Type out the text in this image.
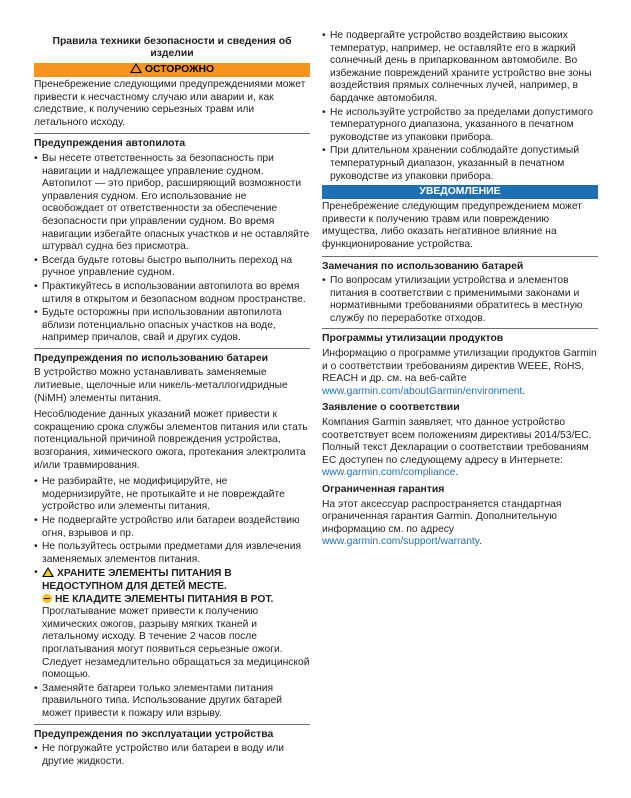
Правила техники безопасности и сведения об изделии
ОСТОРОЖНО

Пренебрежение следующими предупреждениями может привести к несчастному случаю или аварии и, как следствие, к получению серьезных травм или летального исходу.

Предупреждения автопилота
• Вы несете ответственность за безопасность при навигации и надлежащее управление судном. Автопилот — это прибор, расширяющий возможности управления судном. Его использование не освобождает от ответственности за обеспечение безопасности при управлении судном. Во время навигации избегайте опасных участков и не оставляйте штурвал судна без присмотра.
• Всегда будьте готовы быстро выполнить переход на ручное управление судном.
• Практикуйтесь в использовании автопилота во время штиля в открытом и безопасном водном пространстве.
• Будьте осторожны при использовании автопилота вблизи потенциально опасных участков на воде, например причалов, свай и других судов.
Предупреждения по использованию батареи

В устройство можно устанавливать заменяемые литиевые, щелочные или никель-металлогидридные (NiMH) элементы питания.

Несоблюдение данных указаний может привести к сокращению срока службы элементов питания или стать потенциальной причиной повреждения устройства, возгорания, химического ожога, протекания электролита и/или травмирования.

• Не разбирайте, не модифицируйте, не модернизируйте, не протыкайте и не повреждайте устройство или элементы питания.
• Не подвергайте устройство или батареи воздействию огня, взрывов и пр.
• Не пользуйтесь острыми предметами для извлечения заменяемых элементов питания.
• ХРАНИТЕ ЭЛЕМЕНТЫ ПИТАНИЯ В НЕДОСТУПНОМ ДЛЯ ДЕТЕЙ МЕСТЕ.
НЕ КЛАДИТЕ ЭЛЕМЕНТЫ ПИТАНИЯ В РОТ.
Проглатывание может привести к получению химических ожогов, разрыву мягких тканей и летальному исходу. В течение 2 часов после проглатывания могут появиться серьезные ожоги. Следует незамедлительно обращаться за медицинской помощью.
• Заменяйте батареи только элементами питания правильного типа. Использование других батарей может привести к пожару или взрыву.
Предупреждения по эксплуатации устройства
• Не погружайте устройство или батареи в воду или другие жидкости.
• Не подвергайте устройство воздействию высоких температур, например, не оставляйте его в жаркий солнечный день в припаркованном автомобиле. Во избежание повреждений храните устройство вне зоны воздействия прямых солнечных лучей, например, в бардачке автомобиля.
• Не используйте устройство за пределами допустимого температурного диапазона, указанного в печатном руководстве из упаковки прибора.
• При длительном хранении соблюдайте допустимый температурный диапазон, указанный в печатном руководстве из упаковки прибора.
УВЕДОМЛЕНИЕ

Пренебрежение следующим предупреждением может привести к получению травм или повреждению имущества, либо оказать негативное влияние на функционирование устройства.

Замечания по использованию батарей
• По вопросам утилизации устройства и элементов питания в соответствии с применимыми законами и нормативными требованиями обратитесь в местную службу по переработке отходов.
Программы утилизации продуктов

Информацию о программе утилизации продуктов Garmin и о соответствии требованиям директив WEEE, RoHS, REACH и др. см. на веб-сайте www.garmin.com/aboutGarmin/environment.

Заявление о соответствии

Компания Garmin заявляет, что данное устройство соответствует всем положениям директивы 2014/53/EC. Полный текст Декларации о соответствии требованиям ЕС доступен по следующему адресу в Интернете: www.garmin.com/compliance.

Ограниченная гарантия

На этот аксессуар распространяется стандартная ограниченная гарантия Garmin. Дополнительную информацию см. по адресу www.garmin.com/support/warranty.
